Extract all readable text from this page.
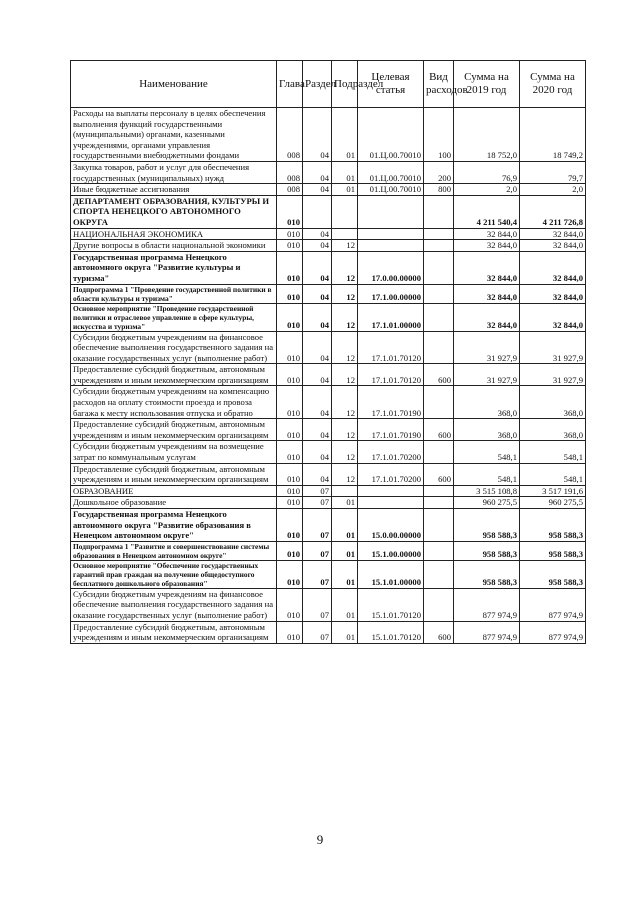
Наименование	Глава	Раздел	Подраздел	Целевая статья	Вид расходов	Сумма на 2019 год	Сумма на 2020 год
Расходы на выплаты персоналу в целях обеспечения выполнения функций государственными (муниципальными) органами, казенными учреждениями, органами управления государственными внебюджетными фондами	008	04	01	01.Ц.00.70010	100	18 752,0	18 749,2
Закупка товаров, работ и услуг для обеспечения государственных (муниципальных) нужд	008	04	01	01.Ц.00.70010	200	76,9	79,7
Иные бюджетные ассигнования	008	04	01	01.Ц.00.70010	800	2,0	2,0
ДЕПАРТАМЕНТ ОБРАЗОВАНИЯ, КУЛЬТУРЫ И СПОРТА НЕНЕЦКОГО АВТОНОМНОГО ОКРУГА	010					4 211 540,4	4 211 726,8
НАЦИОНАЛЬНАЯ ЭКОНОМИКА	010	04				32 844,0	32 844,0
Другие вопросы в области национальной экономики	010	04	12			32 844,0	32 844,0
Государственная программа Ненецкого автономного округа "Развитие культуры и туризма"	010	04	12	17.0.00.00000		32 844,0	32 844,0
Подпрограмма 1 "Проведение государственной политики в области культуры и туризма"	010	04	12	17.1.00.00000		32 844,0	32 844,0
Основное мероприятие "Проведение государственной политики и отраслевое управление в сфере культуры, искусства и туризма"	010	04	12	17.1.01.00000		32 844,0	32 844,0
Субсидии бюджетным учреждениям на финансовое обеспечение выполнения государственного задания на оказание государственных услуг (выполнение работ)	010	04	12	17.1.01.70120		31 927,9	31 927,9
Предоставление субсидий бюджетным, автономным учреждениям и иным некоммерческим организациям	010	04	12	17.1.01.70120	600	31 927,9	31 927,9
Субсидии бюджетным учреждениям на компенсацию расходов на оплату стоимости проезда и провоза багажа к месту использования отпуска и обратно	010	04	12	17.1.01.70190		368,0	368,0
Предоставление субсидий бюджетным, автономным учреждениям и иным некоммерческим организациям	010	04	12	17.1.01.70190	600	368,0	368,0
Субсидии бюджетным учреждениям на возмещение затрат по коммунальным услугам	010	04	12	17.1.01.70200		548,1	548,1
Предоставление субсидий бюджетным, автономным учреждениям и иным некоммерческим организациям	010	04	12	17.1.01.70200	600	548,1	548,1
ОБРАЗОВАНИЕ	010	07				3 515 108,8	3 517 191,6
Дошкольное образование	010	07	01			960 275,5	960 275,5
Государственная программа Ненецкого автономного округа "Развитие образования в Ненецком автономном округе"	010	07	01	15.0.00.00000		958 588,3	958 588,3
Подпрограмма 1 "Развитие и совершенствование системы образования в Ненецком автономном округе"	010	07	01	15.1.00.00000		958 588,3	958 588,3
Основное мероприятие "Обеспечение государственных гарантий прав граждан на получение общедоступного бесплатного дошкольного образования"	010	07	01	15.1.01.00000		958 588,3	958 588,3
Субсидии бюджетным учреждениям на финансовое обеспечение выполнения государственного задания на оказание государственных услуг (выполнение работ)	010	07	01	15.1.01.70120		877 974,9	877 974,9
Предоставление субсидий бюджетным, автономным учреждениям и иным некоммерческим организациям	010	07	01	15.1.01.70120	600	877 974,9	877 974,9
9
